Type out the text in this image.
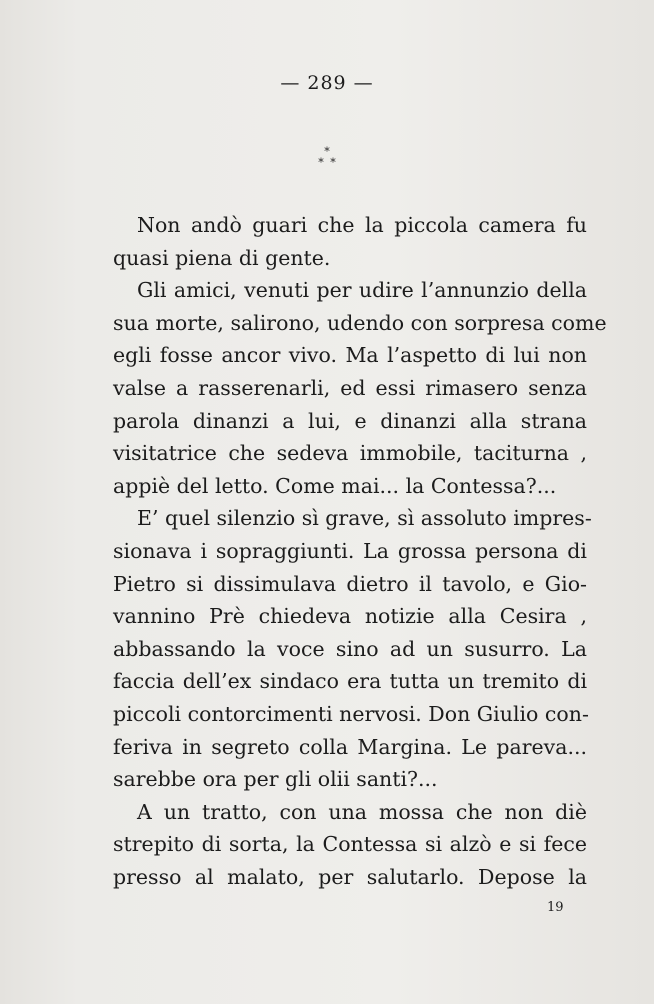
— 289 —
*
* *
Non andò guari che la piccola camera fu
quasi piena di gente.
Gli amici, venuti per udire l’annunzio della
sua morte, salirono, udendo con sorpresa come
egli fosse ancor vivo. Ma l’aspetto di lui non
valse a rasserenarli, ed essi rimasero senza
parola dinanzi a lui, e dinanzi alla strana
visitatrice che sedeva immobile, taciturna ,
appiè del letto. Come mai... la Contessa?...
E’ quel silenzio sì grave, sì assoluto impres-
sionava i sopraggiunti. La grossa persona di
Pietro si dissimulava dietro il tavolo, e Gio-
vannino Prè chiedeva notizie alla Cesira ,
abbassando la voce sino ad un susurro. La
faccia dell’ex sindaco era tutta un tremito di
piccoli contorcimenti nervosi. Don Giulio con-
feriva in segreto colla Margina. Le pareva...
sarebbe ora per gli olii santi?...
A un tratto, con una mossa che non diè
strepito di sorta, la Contessa si alzò e si fece
presso al malato, per salutarlo. Depose la
19
